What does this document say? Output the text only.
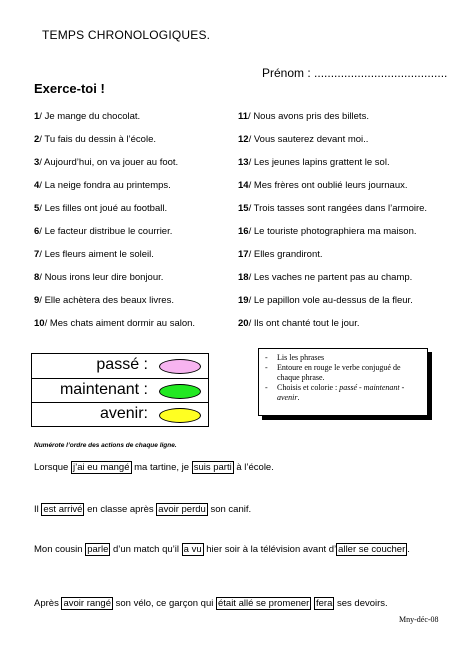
TEMPS CHRONOLOGIQUES.
Prénom : ........................................
Exerce-toi !
1/ Je mange du chocolat.
2/ Tu fais du dessin à l’école.
3/ Aujourd’hui, on va jouer au foot.
4/ La neige fondra au printemps.
5/ Les filles ont joué au football.
6/ Le facteur distribue le courrier.
7/ Les fleurs aiment le soleil.
8/ Nous irons leur dire bonjour.
9/ Elle achètera des beaux livres.
10/ Mes chats aiment dormir au salon.
11/ Nous avons pris des billets.
12/ Vous sauterez devant moi..
13/ Les jeunes lapins grattent le sol.
14/ Mes frères ont oublié leurs journaux.
15/ Trois tasses sont rangées dans l’armoire.
16/ Le touriste photographiera ma maison.
17/ Elles grandiront.
18/ Les vaches ne partent pas au champ.
19/ Le papillon vole au-dessus de la fleur.
20/ Ils ont chanté tout le jour.
passé :
maintenant :
avenir:
- Lis les phrases
- Entoure en rouge le verbe conjugué de chaque phrase.
- Choisis et colorie : passé - maintenant - avenir.
Numérote l’ordre des actions de chaque ligne.
Lorsque j’ai eu mangé ma tartine, je suis parti à l’école.
Il est arrivé en classe après avoir perdu son canif.
Mon cousin parle d’un match qu’il a vu hier soir à la télévision avant d’ aller se coucher .
Après avoir rangé son vélo, ce garçon qui était allé se promener fera ses devoirs.
Mny-déc-08
